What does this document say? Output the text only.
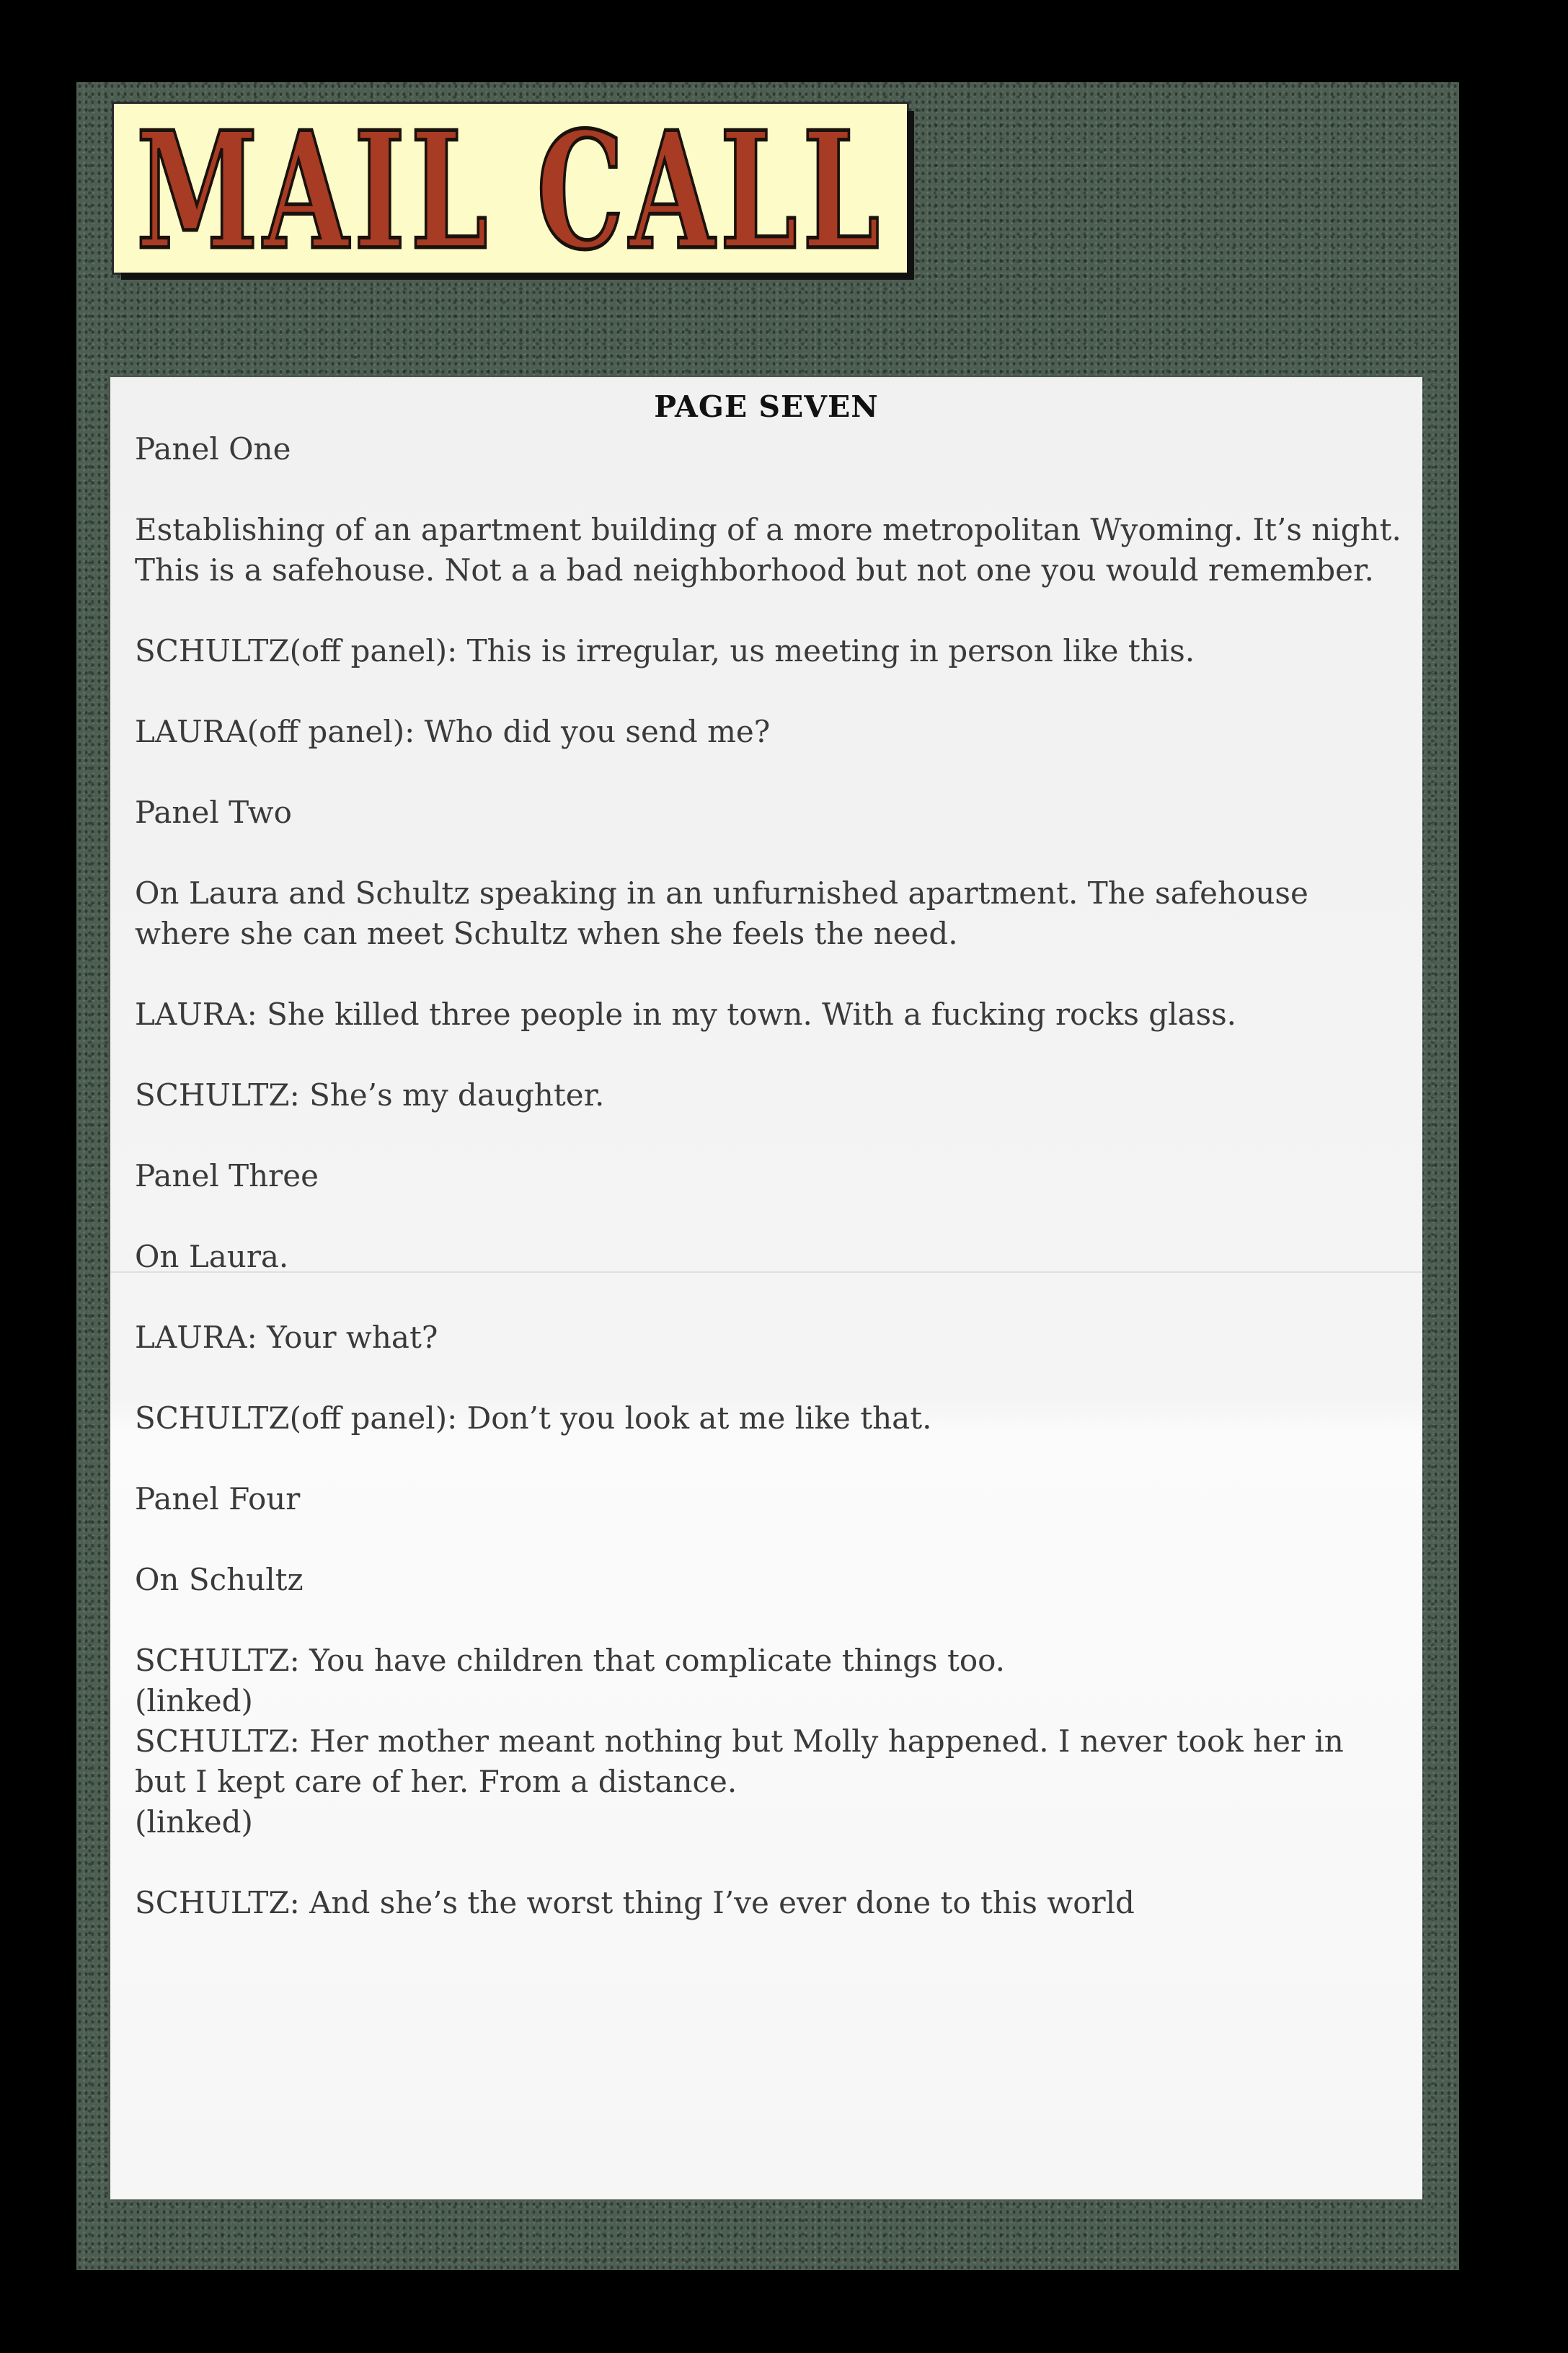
MAIL CALL
PAGE SEVEN

Panel One

Establishing of an apartment building of a more metropolitan Wyoming. It’s night. This is a safehouse. Not a a bad neighborhood but not one you would remember.

SCHULTZ(off panel): This is irregular, us meeting in person like this.

LAURA(off panel): Who did you send me?

Panel Two

On Laura and Schultz speaking in an unfurnished apartment. The safehouse where she can meet Schultz when she feels the need.

LAURA: She killed three people in my town. With a fucking rocks glass.

SCHULTZ: She’s my daughter.

Panel Three

On Laura.

LAURA: Your what?

SCHULTZ(off panel): Don’t you look at me like that.

Panel Four

On Schultz

SCHULTZ: You have children that complicate things too.

(linked)

SCHULTZ: Her mother meant nothing but Molly happened. I never took her in but I kept care of her. From a distance.

(linked)

SCHULTZ: And she’s the worst thing I’ve ever done to this world
